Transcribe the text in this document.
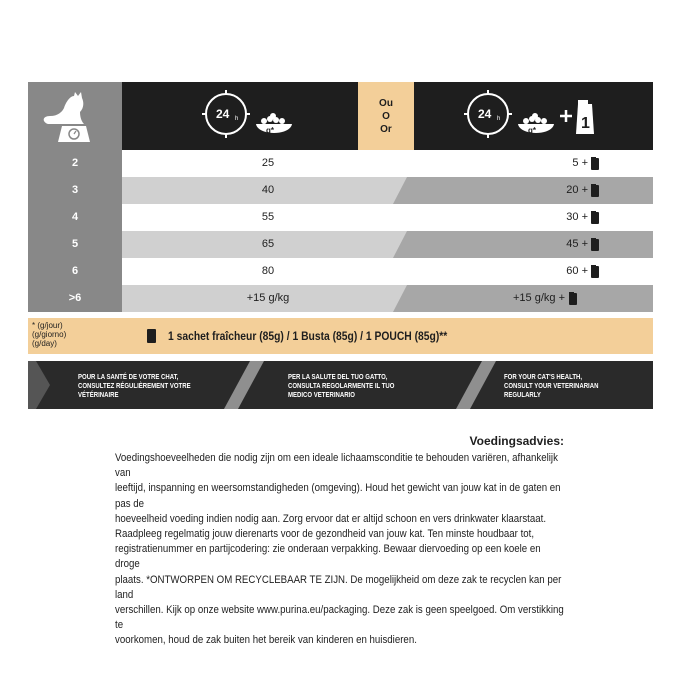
24 h
g*
Ou
O
Or
24 h
g*	1
2	25	5 +
3	40	20 +
4	55	30 +
5	65	45 +
6	80	60 +
>6	+15 g/kg	+15 g/kg +
* (g/jour)
(g/giorno)
(g/day)
1 sachet fraîcheur (85g) / 1 Busta (85g) / 1 POUCH (85g)**
POUR LA SANTÉ DE VOTRE CHAT,
CONSULTEZ RÉGULIÈREMENT VOTRE
VÉTÉRINAIRE
PER LA SALUTE DEL TUO GATTO,
CONSULTA REGOLARMENTE IL TUO
MEDICO VETERINARIO
FOR YOUR CAT'S HEALTH,
CONSULT YOUR VETERINARIAN
REGULARLY
Voedingsadvies:
Voedingshoeveelheden die nodig zijn om een ideale lichaamsconditie te behouden variëren, afhankelijk van
leeftijd, inspanning en weersomstandigheden (omgeving). Houd het gewicht van jouw kat in de gaten en pas de
hoeveelheid voeding indien nodig aan. Zorg ervoor dat er altijd schoon en vers drinkwater klaarstaat.
Raadpleeg regelmatig jouw dierenarts voor de gezondheid van jouw kat. Ten minste houdbaar tot,
registratienummer en partijcodering: zie onderaan verpakking. Bewaar diervoeding op een koele en droge
plaats. *ONTWORPEN OM RECYCLEBAAR TE ZIJN. De mogelijkheid om deze zak te recyclen kan per land
verschillen. Kijk op onze website www.purina.eu/packaging. Deze zak is geen speelgoed. Om verstikking te
voorkomen, houd de zak buiten het bereik van kinderen en huisdieren.
